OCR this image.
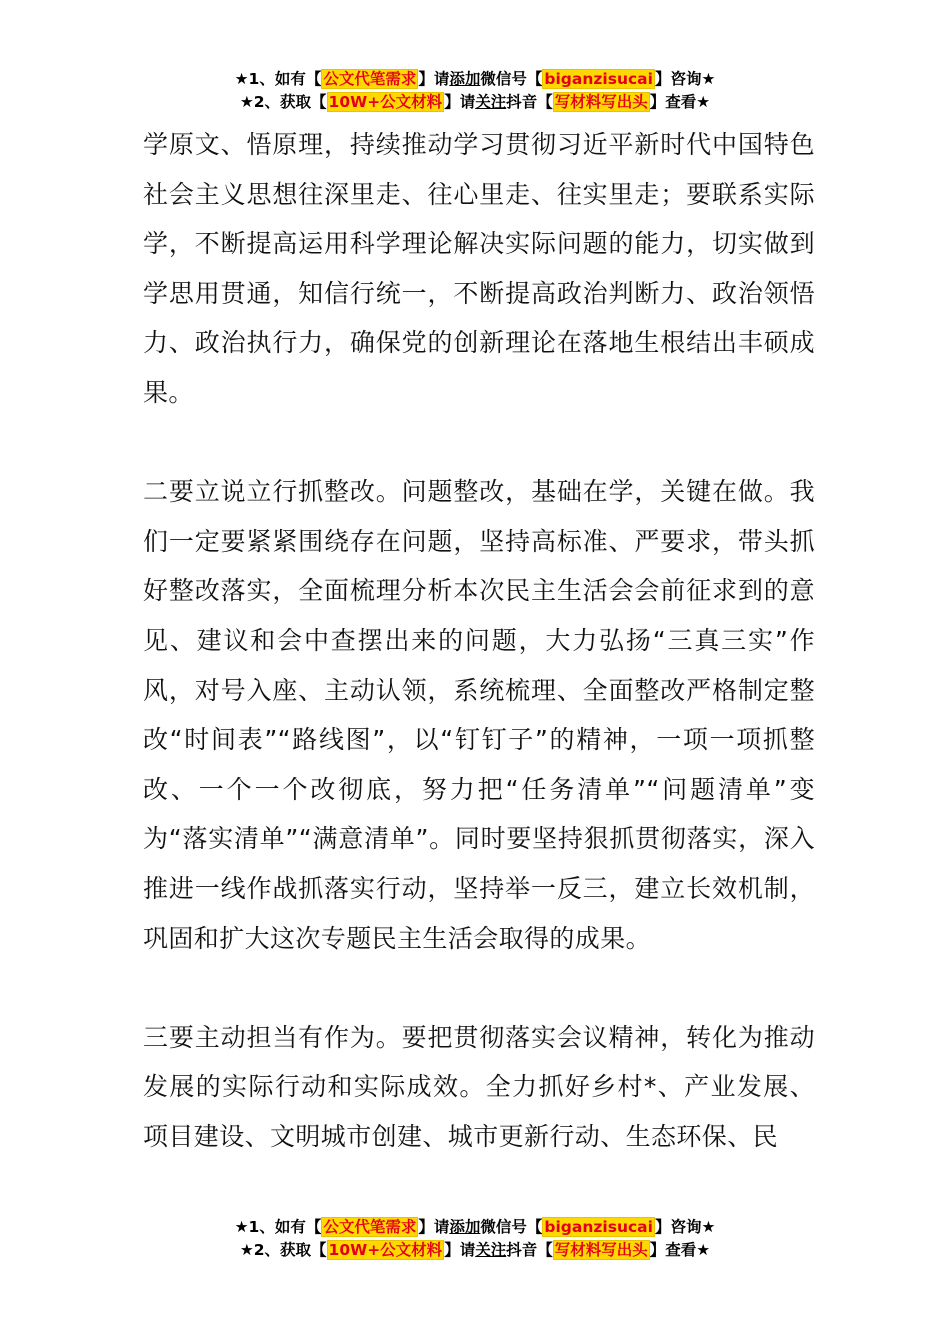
★1、如有【 公文代笔需求 】请添加微信号【 biganzisucai 】咨询★
★2、获取【 10W+公文材料 】请关注抖音【 写材料写出头 】查看★

学原文、悟原理，持续推动学习贯彻习近平新时代中国特色社会主义思想往深里走、往心里走、往实里走；要联系实际学，不断提高运用科学理论解决实际问题的能力，切实做到学思用贯通，知信行统一，不断提高政治判断力、政治领悟力、政治执行力，确保党的创新理论在落地生根结出丰硕成果。

二要立说立行抓整改。问题整改，基础在学，关键在做。我们一定要紧紧围绕存在问题，坚持高标准、严要求，带头抓好整改落实，全面梳理分析本次民主生活会会前征求到的意见、建议和会中查摆出来的问题，大力弘扬“三真三实”作风，对号入座、主动认领，系统梳理、全面整改严格制定整改“时间表”“路线图”，以“钉钉子”的精神，一项一项抓整改、一个一个改彻底，努力把“任务清单”“问题清单”变为“落实清单”“满意清单”。同时要坚持狠抓贯彻落实，深入推进一线作战抓落实行动，坚持举一反三，建立长效机制，巩固和扩大这次专题民主生活会取得的成果。

三要主动担当有作为。要把贯彻落实会议精神，转化为推动发展的实际行动和实际成效。全力抓好乡村*、产业发展、项目建设、文明城市创建、城市更新行动、生态环保、民

★1、如有【 公文代笔需求 】请添加微信号【 biganzisucai 】咨询★
★2、获取【 10W+公文材料 】请关注抖音【 写材料写出头 】查看★
